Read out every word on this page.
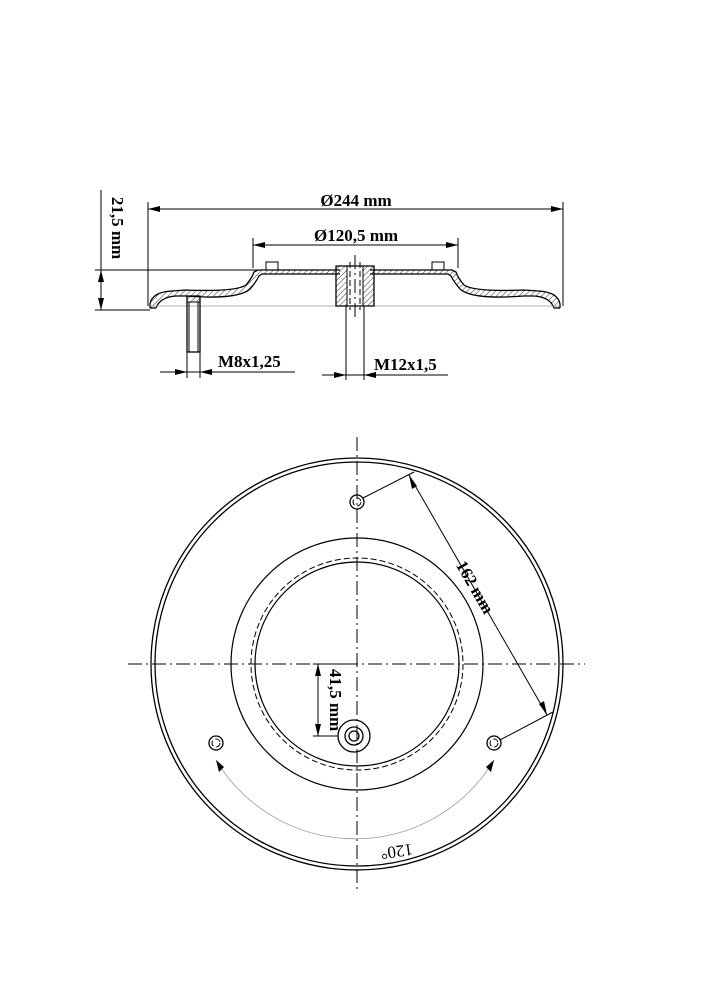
Ø244 mm
Ø120,5 mm
21,5 mm
M8x1,25	M12x1,5
162 mm
41,5 mm
120°
